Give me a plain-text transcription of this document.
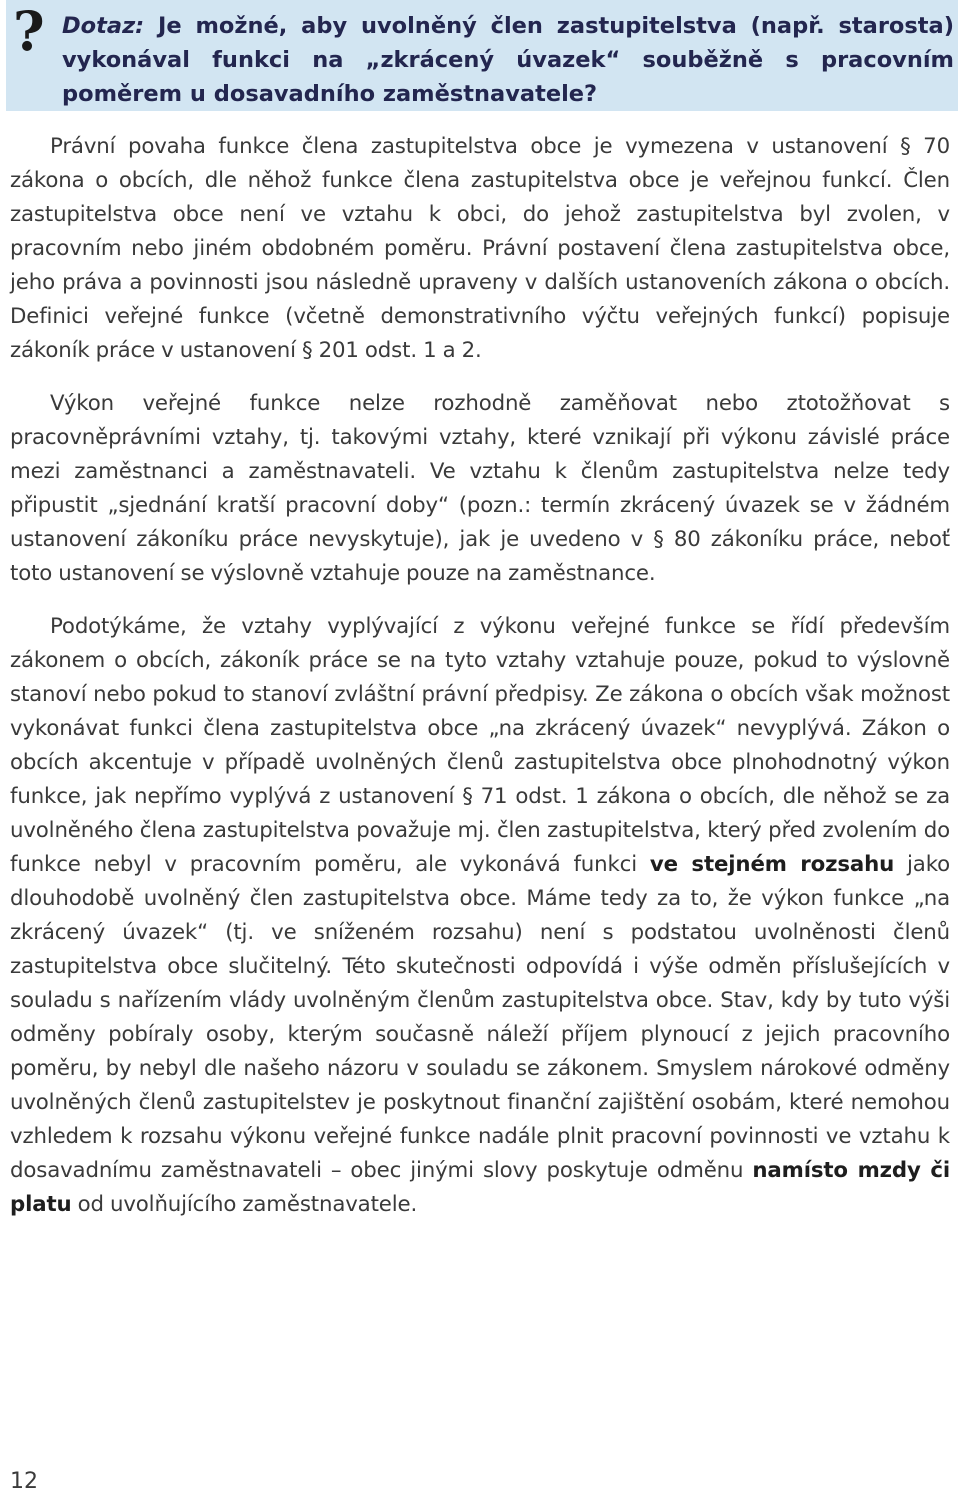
? Dotaz: Je možné, aby uvolněný člen zastupitelstva (např. starosta) vykonával funkci na „zkrácený úvazek“ souběžně s pracovním poměrem u dosavadního zaměstnavatele?

Právní povaha funkce člena zastupitelstva obce je vymezena v ustanovení § 70 zákona o obcích, dle něhož funkce člena zastupitelstva obce je veřejnou funkcí. Člen zastupitelstva obce není ve vztahu k obci, do jehož zastupitelstva byl zvolen, v pracovním nebo jiném obdobném poměru. Právní postavení člena zastupitelstva obce, jeho práva a povinnosti jsou následně upraveny v dalších ustanoveních zákona o obcích. Definici veřejné funkce (včetně demonstrativního výčtu veřejných funkcí) popisuje zákoník práce v ustanovení § 201 odst. 1 a 2.

Výkon veřejné funkce nelze rozhodně zaměňovat nebo ztotožňovat s pracovněprávními vztahy, tj. takovými vztahy, které vznikají při výkonu závislé práce mezi zaměstnanci a zaměstnavateli. Ve vztahu k členům zastupitelstva nelze tedy připustit „sjednání kratší pracovní doby“ (pozn.: termín zkrácený úvazek se v žádném ustanovení zákoníku práce nevyskytuje), jak je uvedeno v § 80 zákoníku práce, neboť toto ustanovení se výslovně vztahuje pouze na zaměstnance.

Podotýkáme, že vztahy vyplývající z výkonu veřejné funkce se řídí především zákonem o obcích, zákoník práce se na tyto vztahy vztahuje pouze, pokud to výslovně stanoví nebo pokud to stanoví zvláštní právní předpisy. Ze zákona o obcích však možnost vykonávat funkci člena zastupitelstva obce „na zkrácený úvazek“ nevyplývá. Zákon o obcích akcentuje v případě uvolněných členů zastupitelstva obce plnohodnotný výkon funkce, jak nepřímo vyplývá z ustanovení § 71 odst. 1 zákona o obcích, dle něhož se za uvolněného člena zastupitelstva považuje mj. člen zastupitelstva, který před zvolením do funkce nebyl v pracovním poměru, ale vykonává funkci ve stejném rozsahu jako dlouhodobě uvolněný člen zastupitelstva obce. Máme tedy za to, že výkon funkce „na zkrácený úvazek“ (tj. ve sníženém rozsahu) není s podstatou uvolněnosti členů zastupitelstva obce slučitelný. Této skutečnosti odpovídá i výše odměn příslušejících v souladu s nařízením vlády uvolněným členům zastupitelstva obce. Stav, kdy by tuto výši odměny pobíraly osoby, kterým současně náleží příjem plynoucí z jejich pracovního poměru, by nebyl dle našeho názoru v souladu se zákonem. Smyslem nárokové odměny uvolněných členů zastupitelstev je poskytnout finanční zajištění osobám, které nemohou vzhledem k rozsahu výkonu veřejné funkce nadále plnit pracovní povinnosti ve vztahu k dosavadnímu zaměstnavateli – obec jinými slovy poskytuje odměnu namísto mzdy či platu od uvolňujícího zaměstnavatele.

12
